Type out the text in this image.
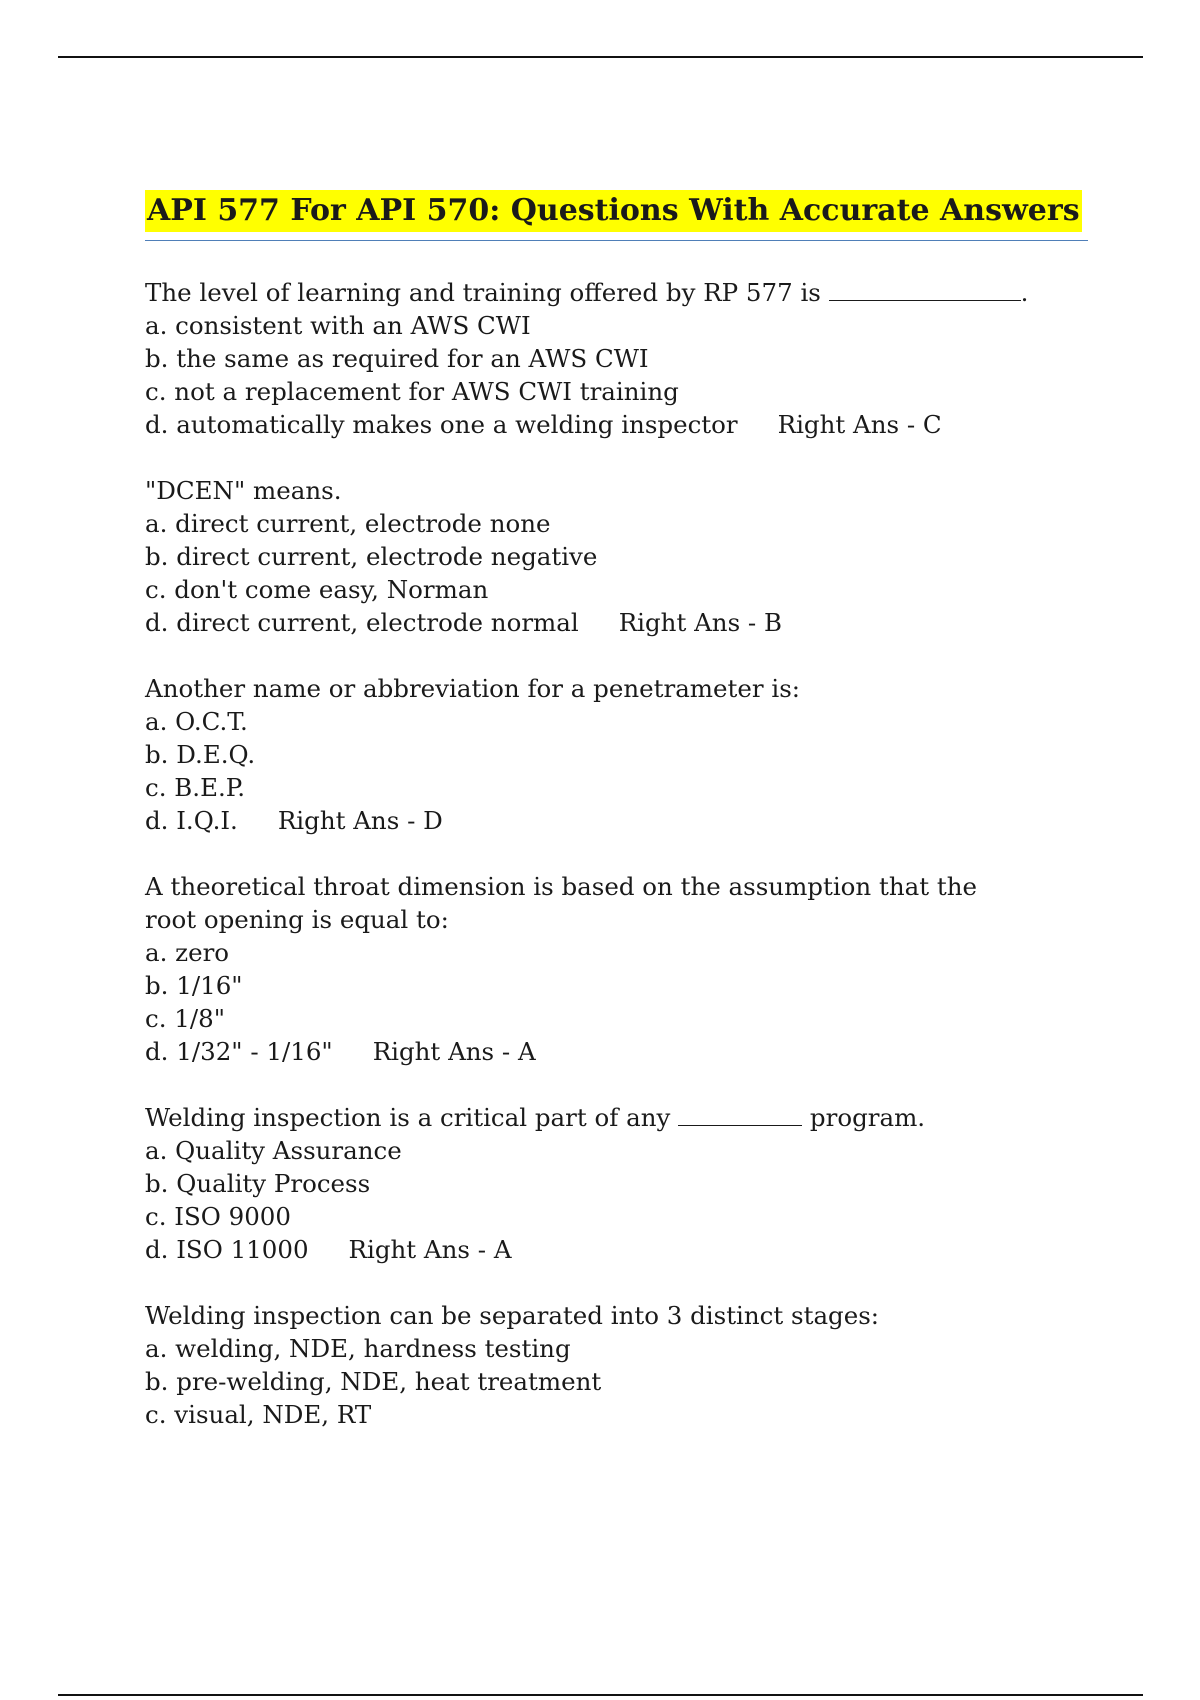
API 577 For API 570: Questions With Accurate Answers
The level of learning and training offered by RP 577 is	.
a. consistent with an AWS CWI
b. the same as required for an AWS CWI
c. not a replacement for AWS CWI training
d. automatically makes one a welding inspector Right Ans - C
"DCEN" means.
a. direct current, electrode none
b. direct current, electrode negative
c. don't come easy, Norman
d. direct current, electrode normal Right Ans - B
Another name or abbreviation for a penetrameter is:
a. O.C.T.
b. D.E.Q.
c. B.E.P.
d. I.Q.I. Right Ans - D
A theoretical throat dimension is based on the assumption that the root opening is equal to:
a. zero
b. 1/16"
c. 1/8"
d. 1/32" - 1/16" Right Ans - A
Welding inspection is a critical part of any	program.
a. Quality Assurance
b. Quality Process
c. ISO 9000
d. ISO 11000 Right Ans - A
Welding inspection can be separated into 3 distinct stages:
a. welding, NDE, hardness testing
b. pre-welding, NDE, heat treatment
c. visual, NDE, RT
